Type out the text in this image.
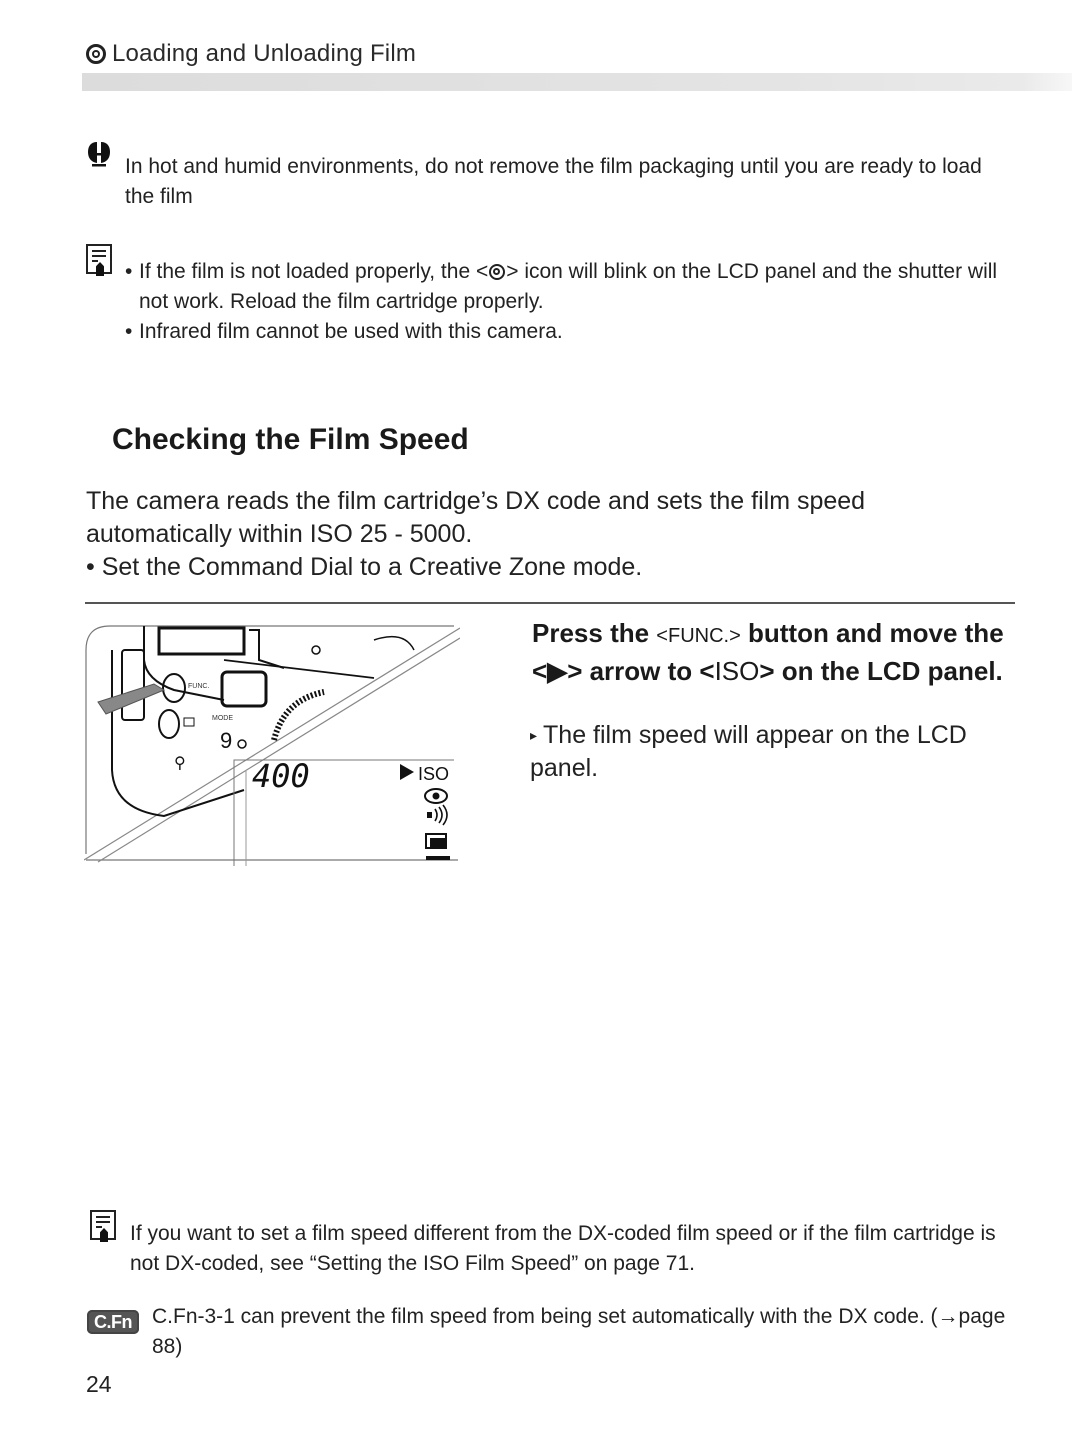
Loading and Unloading Film
In hot and humid environments, do not remove the film packaging until you are ready to load the film
• If the film is not loaded properly, the < > icon will blink on the LCD panel and the shutter will not work. Reload the film cartridge properly.
• Infrared film cannot be used with this camera.
Checking the Film Speed
The camera reads the film cartridge’s DX code and sets the film speed automatically within ISO 25 - 5000.
• Set the Command Dial to a Creative Zone mode.
FUNC.
MODE
9
⚲ 400	ISO
Press the <FUNC.> button and move the <▶> arrow to <ISO> on the LCD panel.
▸ The film speed will appear on the LCD panel.
If you want to set a film speed different from the DX-coded film speed or if the film cartridge is not DX-coded, see “Setting the ISO Film Speed” on page 71.
C.Fn C.Fn-3-1 can prevent the film speed from being set automatically with the DX code. (→page 88)
24
